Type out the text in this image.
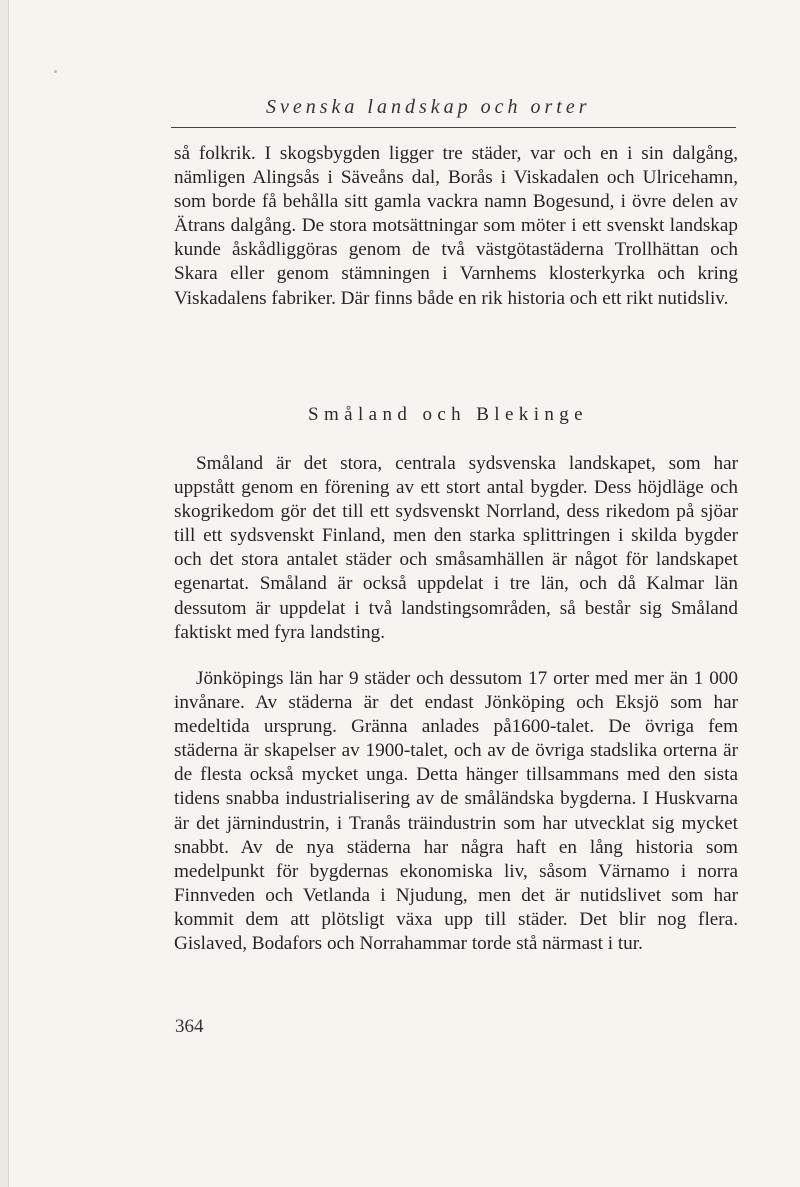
Svenska landskap och orter

så folkrik. I skogsbygden ligger tre städer, var och en i sin dalgång, nämligen Alingsås i Säveåns dal, Borås i Viskadalen och Ulricehamn, som borde få behålla sitt gamla vackra namn Bogesund, i övre delen av Ätrans dalgång. De stora motsättningar som möter i ett svenskt landskap kunde åskådliggöras genom de två västgötastäderna Trollhättan och Skara eller genom stämningen i Varnhems klosterkyrka och kring Viskadalens fabriker. Där finns både en rik historia och ett rikt nutidsliv.

Småland och Blekinge

Småland är det stora, centrala sydsvenska landskapet, som har uppstått genom en förening av ett stort antal bygder. Dess höjdläge och skogrikedom gör det till ett sydsvenskt Norrland, dess rikedom på sjöar till ett sydsvenskt Finland, men den starka splittringen i skilda bygder och det stora antalet städer och småsamhällen är något för landskapet egenartat. Småland är också uppdelat i tre län, och då Kalmar län dessutom är uppdelat i två landstingsområden, så består sig Småland faktiskt med fyra landsting.

Jönköpings län har 9 städer och dessutom 17 orter med mer än 1 000 invånare. Av städerna är det endast Jönköping och Eksjö som har medeltida ursprung. Gränna anlades på1600-talet. De övriga fem städerna är skapelser av 1900-talet, och av de övriga stadslika orterna är de flesta också mycket unga. Detta hänger tillsammans med den sista tidens snabba industrialisering av de småländska bygderna. I Huskvarna är det järnindustrin, i Tranås träindustrin som har utvecklat sig mycket snabbt. Av de nya städerna har några haft en lång historia som medelpunkt för bygdernas ekonomiska liv, såsom Värnamo i norra Finnveden och Vetlanda i Njudung, men det är nutidslivet som har kommit dem att plötsligt växa upp till städer. Det blir nog flera. Gislaved, Bodafors och Norrahammar torde stå närmast i tur.

364
